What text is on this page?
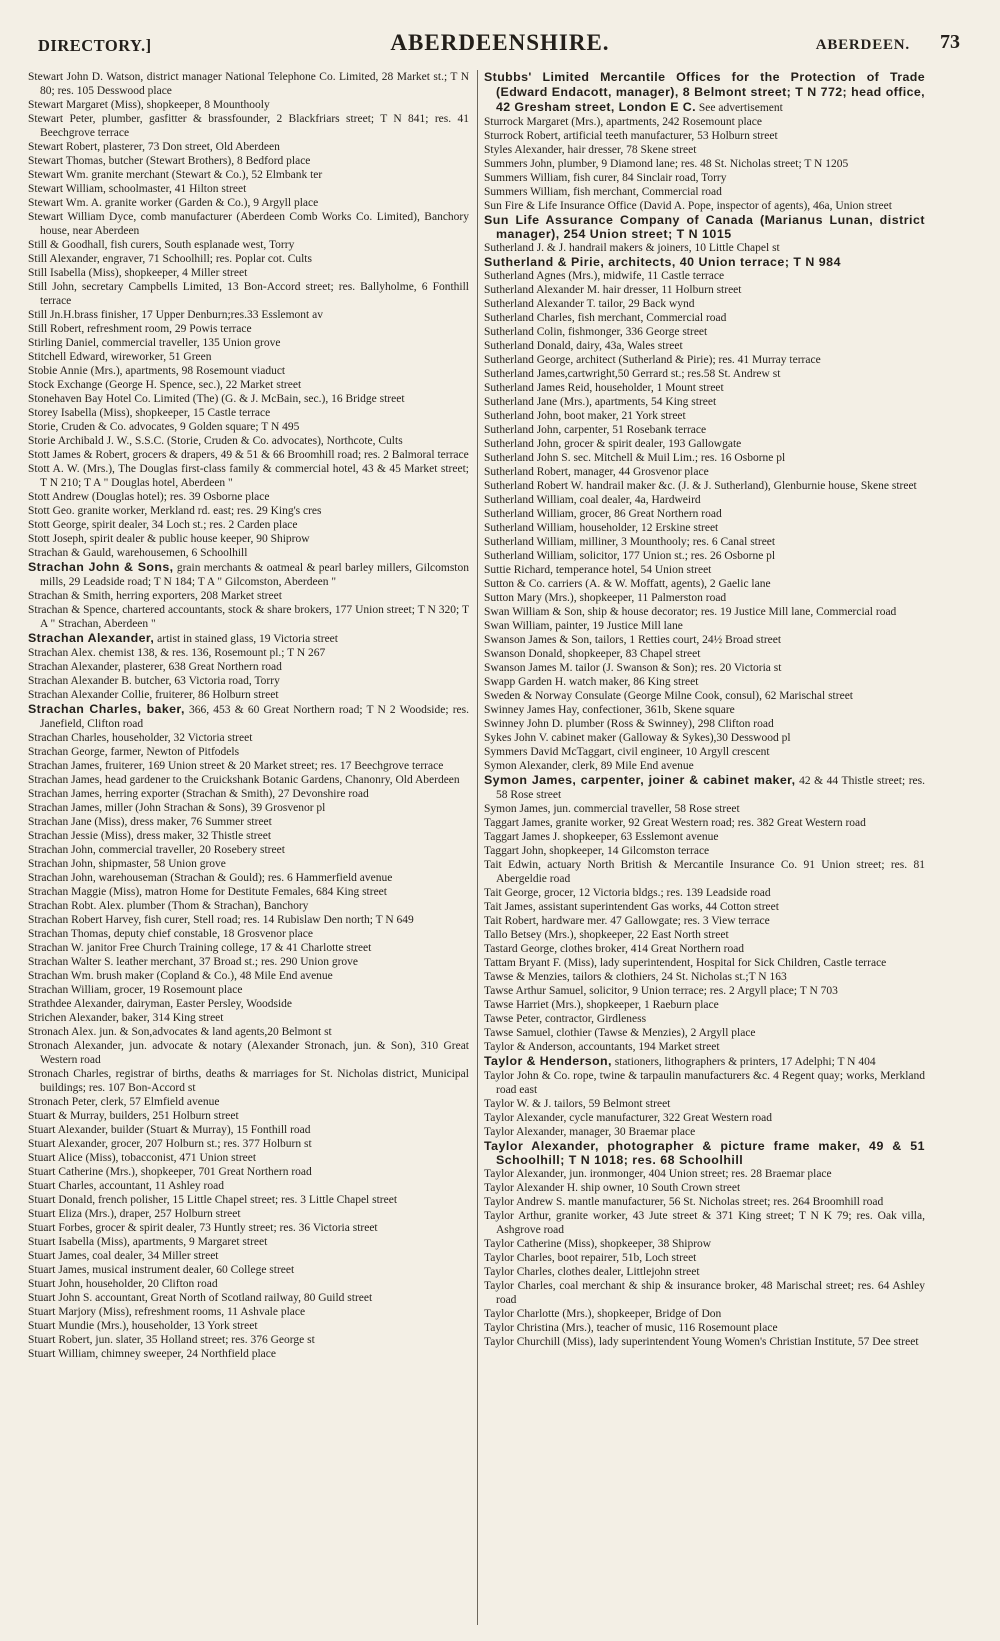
DIRECTORY.]	ABERDEENSHIRE.	ABERDEEN. 73

Stewart John D. Watson, district manager National Telephone Co. Limited, 28 Market st.; T N 80; res. 105 Desswood place

Stewart Margaret (Miss), shopkeeper, 8 Mounthooly

Stewart Peter, plumber, gasfitter & brassfounder, 2 Blackfriars street; T N 841; res. 41 Beechgrove terrace

Stewart Robert, plasterer, 73 Don street, Old Aberdeen

Stewart Thomas, butcher (Stewart Brothers), 8 Bedford place

Stewart Wm. granite merchant (Stewart & Co.), 52 Elmbank ter

Stewart William, schoolmaster, 41 Hilton street

Stewart Wm. A. granite worker (Garden & Co.), 9 Argyll place

Stewart William Dyce, comb manufacturer (Aberdeen Comb Works Co. Limited), Banchory house, near Aberdeen

Still & Goodhall, fish curers, South esplanade west, Torry

Still Alexander, engraver, 71 Schoolhill; res. Poplar cot. Cults

Still Isabella (Miss), shopkeeper, 4 Miller street

Still John, secretary Campbells Limited, 13 Bon-Accord street; res. Ballyholme, 6 Fonthill terrace

Still Jn.H.brass finisher, 17 Upper Denburn;res.33 Esslemont av

Still Robert, refreshment room, 29 Powis terrace

Stirling Daniel, commercial traveller, 135 Union grove

Stitchell Edward, wireworker, 51 Green

Stobie Annie (Mrs.), apartments, 98 Rosemount viaduct

Stock Exchange (George H. Spence, sec.), 22 Market street

Stonehaven Bay Hotel Co. Limited (The) (G. & J. McBain, sec.), 16 Bridge street

Storey Isabella (Miss), shopkeeper, 15 Castle terrace

Storie, Cruden & Co. advocates, 9 Golden square; T N 495

Storie Archibald J. W., S.S.C. (Storie, Cruden & Co. advocates), Northcote, Cults

Stott James & Robert, grocers & drapers, 49 & 51 & 66 Broomhill road; res. 2 Balmoral terrace

Stott A. W. (Mrs.), The Douglas first-class family & commercial hotel, 43 & 45 Market street; T N 210; T A " Douglas hotel, Aberdeen "

Stott Andrew (Douglas hotel); res. 39 Osborne place

Stott Geo. granite worker, Merkland rd. east; res. 29 King's cres

Stott George, spirit dealer, 34 Loch st.; res. 2 Carden place

Stott Joseph, spirit dealer & public house keeper, 90 Shiprow

Strachan & Gauld, warehousemen, 6 Schoolhill

Strachan John & Sons, grain merchants & oatmeal & pearl barley millers, Gilcomston mills, 29 Leadside road; T N 184; T A " Gilcomston, Aberdeen "

Strachan & Smith, herring exporters, 208 Market street

Strachan & Spence, chartered accountants, stock & share brokers, 177 Union street; T N 320; T A " Strachan, Aberdeen "

Strachan Alexander, artist in stained glass, 19 Victoria street

Strachan Alex. chemist 138, & res. 136, Rosemount pl.; T N 267

Strachan Alexander, plasterer, 638 Great Northern road

Strachan Alexander B. butcher, 63 Victoria road, Torry

Strachan Alexander Collie, fruiterer, 86 Holburn street

Strachan Charles, baker, 366, 453 & 60 Great Northern road; T N 2 Woodside; res. Janefield, Clifton road

Strachan Charles, householder, 32 Victoria street

Strachan George, farmer, Newton of Pitfodels

Strachan James, fruiterer, 169 Union street & 20 Market street; res. 17 Beechgrove terrace

Strachan James, head gardener to the Cruickshank Botanic Gardens, Chanonry, Old Aberdeen

Strachan James, herring exporter (Strachan & Smith), 27 Devonshire road

Strachan James, miller (John Strachan & Sons), 39 Grosvenor pl

Strachan Jane (Miss), dress maker, 76 Summer street

Strachan Jessie (Miss), dress maker, 32 Thistle street

Strachan John, commercial traveller, 20 Rosebery street

Strachan John, shipmaster, 58 Union grove

Strachan John, warehouseman (Strachan & Gould); res. 6 Hammerfield avenue

Strachan Maggie (Miss), matron Home for Destitute Females, 684 King street

Strachan Robt. Alex. plumber (Thom & Strachan), Banchory

Strachan Robert Harvey, fish curer, Stell road; res. 14 Rubislaw Den north; T N 649

Strachan Thomas, deputy chief constable, 18 Grosvenor place

Strachan W. janitor Free Church Training college, 17 & 41 Charlotte street

Strachan Walter S. leather merchant, 37 Broad st.; res. 290 Union grove

Strachan Wm. brush maker (Copland & Co.), 48 Mile End avenue

Strachan William, grocer, 19 Rosemount place

Strathdee Alexander, dairyman, Easter Persley, Woodside

Strichen Alexander, baker, 314 King street

Stronach Alex. jun. & Son,advocates & land agents,20 Belmont st

Stronach Alexander, jun. advocate & notary (Alexander Stronach, jun. & Son), 310 Great Western road

Stronach Charles, registrar of births, deaths & marriages for St. Nicholas district, Municipal buildings; res. 107 Bon-Accord st

Stronach Peter, clerk, 57 Elmfield avenue

Stuart & Murray, builders, 251 Holburn street

Stuart Alexander, builder (Stuart & Murray), 15 Fonthill road

Stuart Alexander, grocer, 207 Holburn st.; res. 377 Holburn st

Stuart Alice (Miss), tobacconist, 471 Union street

Stuart Catherine (Mrs.), shopkeeper, 701 Great Northern road

Stuart Charles, accountant, 11 Ashley road

Stuart Donald, french polisher, 15 Little Chapel street; res. 3 Little Chapel street

Stuart Eliza (Mrs.), draper, 257 Holburn street

Stuart Forbes, grocer & spirit dealer, 73 Huntly street; res. 36 Victoria street

Stuart Isabella (Miss), apartments, 9 Margaret street

Stuart James, coal dealer, 34 Miller street

Stuart James, musical instrument dealer, 60 College street

Stuart John, householder, 20 Clifton road

Stuart John S. accountant, Great North of Scotland railway, 80 Guild street

Stuart Marjory (Miss), refreshment rooms, 11 Ashvale place

Stuart Mundie (Mrs.), householder, 13 York street

Stuart Robert, jun. slater, 35 Holland street; res. 376 George st

Stuart William, chimney sweeper, 24 Northfield place

Stubbs' Limited Mercantile Offices for the Protection of Trade (Edward Endacott, manager), 8 Belmont street; T N 772; head office, 42 Gresham street, London E C. See advertisement

Sturrock Margaret (Mrs.), apartments, 242 Rosemount place

Sturrock Robert, artificial teeth manufacturer, 53 Holburn street

Styles Alexander, hair dresser, 78 Skene street

Summers John, plumber, 9 Diamond lane; res. 48 St. Nicholas street; T N 1205

Summers William, fish curer, 84 Sinclair road, Torry

Summers William, fish merchant, Commercial road

Sun Fire & Life Insurance Office (David A. Pope, inspector of agents), 46a, Union street

Sun Life Assurance Company of Canada (Marianus Lunan, district manager), 254 Union street; T N 1015

Sutherland J. & J. handrail makers & joiners, 10 Little Chapel st

Sutherland & Pirie, architects, 40 Union terrace; T N 984

Sutherland Agnes (Mrs.), midwife, 11 Castle terrace

Sutherland Alexander M. hair dresser, 11 Holburn street

Sutherland Alexander T. tailor, 29 Back wynd

Sutherland Charles, fish merchant, Commercial road

Sutherland Colin, fishmonger, 336 George street

Sutherland Donald, dairy, 43a, Wales street

Sutherland George, architect (Sutherland & Pirie); res. 41 Murray terrace

Sutherland James,cartwright,50 Gerrard st.; res.58 St. Andrew st

Sutherland James Reid, householder, 1 Mount street

Sutherland Jane (Mrs.), apartments, 54 King street

Sutherland John, boot maker, 21 York street

Sutherland John, carpenter, 51 Rosebank terrace

Sutherland John, grocer & spirit dealer, 193 Gallowgate

Sutherland John S. sec. Mitchell & Muil Lim.; res. 16 Osborne pl

Sutherland Robert, manager, 44 Grosvenor place

Sutherland Robert W. handrail maker &c. (J. & J. Sutherland), Glenburnie house, Skene street

Sutherland William, coal dealer, 4a, Hardweird

Sutherland William, grocer, 86 Great Northern road

Sutherland William, householder, 12 Erskine street

Sutherland William, milliner, 3 Mounthooly; res. 6 Canal street

Sutherland William, solicitor, 177 Union st.; res. 26 Osborne pl

Suttie Richard, temperance hotel, 54 Union street

Sutton & Co. carriers (A. & W. Moffatt, agents), 2 Gaelic lane

Sutton Mary (Mrs.), shopkeeper, 11 Palmerston road

Swan William & Son, ship & house decorator; res. 19 Justice Mill lane, Commercial road

Swan William, painter, 19 Justice Mill lane

Swanson James & Son, tailors, 1 Retties court, 24½ Broad street

Swanson Donald, shopkeeper, 83 Chapel street

Swanson James M. tailor (J. Swanson & Son); res. 20 Victoria st

Swapp Garden H. watch maker, 86 King street

Sweden & Norway Consulate (George Milne Cook, consul), 62 Marischal street

Swinney James Hay, confectioner, 361b, Skene square

Swinney John D. plumber (Ross & Swinney), 298 Clifton road

Sykes John V. cabinet maker (Galloway & Sykes),30 Desswood pl

Symmers David McTaggart, civil engineer, 10 Argyll crescent

Symon Alexander, clerk, 89 Mile End avenue

Symon James, carpenter, joiner & cabinet maker, 42 & 44 Thistle street; res. 58 Rose street

Symon James, jun. commercial traveller, 58 Rose street

Taggart James, granite worker, 92 Great Western road; res. 382 Great Western road

Taggart James J. shopkeeper, 63 Esslemont avenue

Taggart John, shopkeeper, 14 Gilcomston terrace

Tait Edwin, actuary North British & Mercantile Insurance Co. 91 Union street; res. 81 Abergeldie road

Tait George, grocer, 12 Victoria bldgs.; res. 139 Leadside road

Tait James, assistant superintendent Gas works, 44 Cotton street

Tait Robert, hardware mer. 47 Gallowgate; res. 3 View terrace

Tallo Betsey (Mrs.), shopkeeper, 22 East North street

Tastard George, clothes broker, 414 Great Northern road

Tattam Bryant F. (Miss), lady superintendent, Hospital for Sick Children, Castle terrace

Tawse & Menzies, tailors & clothiers, 24 St. Nicholas st.;T N 163

Tawse Arthur Samuel, solicitor, 9 Union terrace; res. 2 Argyll place; T N 703

Tawse Harriet (Mrs.), shopkeeper, 1 Raeburn place

Tawse Peter, contractor, Girdleness

Tawse Samuel, clothier (Tawse & Menzies), 2 Argyll place

Taylor & Anderson, accountants, 194 Market street

Taylor & Henderson, stationers, lithographers & printers, 17 Adelphi; T N 404

Taylor John & Co. rope, twine & tarpaulin manufacturers &c. 4 Regent quay; works, Merkland road east

Taylor W. & J. tailors, 59 Belmont street

Taylor Alexander, cycle manufacturer, 322 Great Western road

Taylor Alexander, manager, 30 Braemar place

Taylor Alexander, photographer & picture frame maker, 49 & 51 Schoolhill; T N 1018; res. 68 Schoolhill

Taylor Alexander, jun. ironmonger, 404 Union street; res. 28 Braemar place

Taylor Alexander H. ship owner, 10 South Crown street

Taylor Andrew S. mantle manufacturer, 56 St. Nicholas street; res. 264 Broomhill road

Taylor Arthur, granite worker, 43 Jute street & 371 King street; T N K 79; res. Oak villa, Ashgrove road

Taylor Catherine (Miss), shopkeeper, 38 Shiprow

Taylor Charles, boot repairer, 51b, Loch street

Taylor Charles, clothes dealer, Littlejohn street

Taylor Charles, coal merchant & ship & insurance broker, 48 Marischal street; res. 64 Ashley road

Taylor Charlotte (Mrs.), shopkeeper, Bridge of Don

Taylor Christina (Mrs.), teacher of music, 116 Rosemount place

Taylor Churchill (Miss), lady superintendent Young Women's Christian Institute, 57 Dee street
